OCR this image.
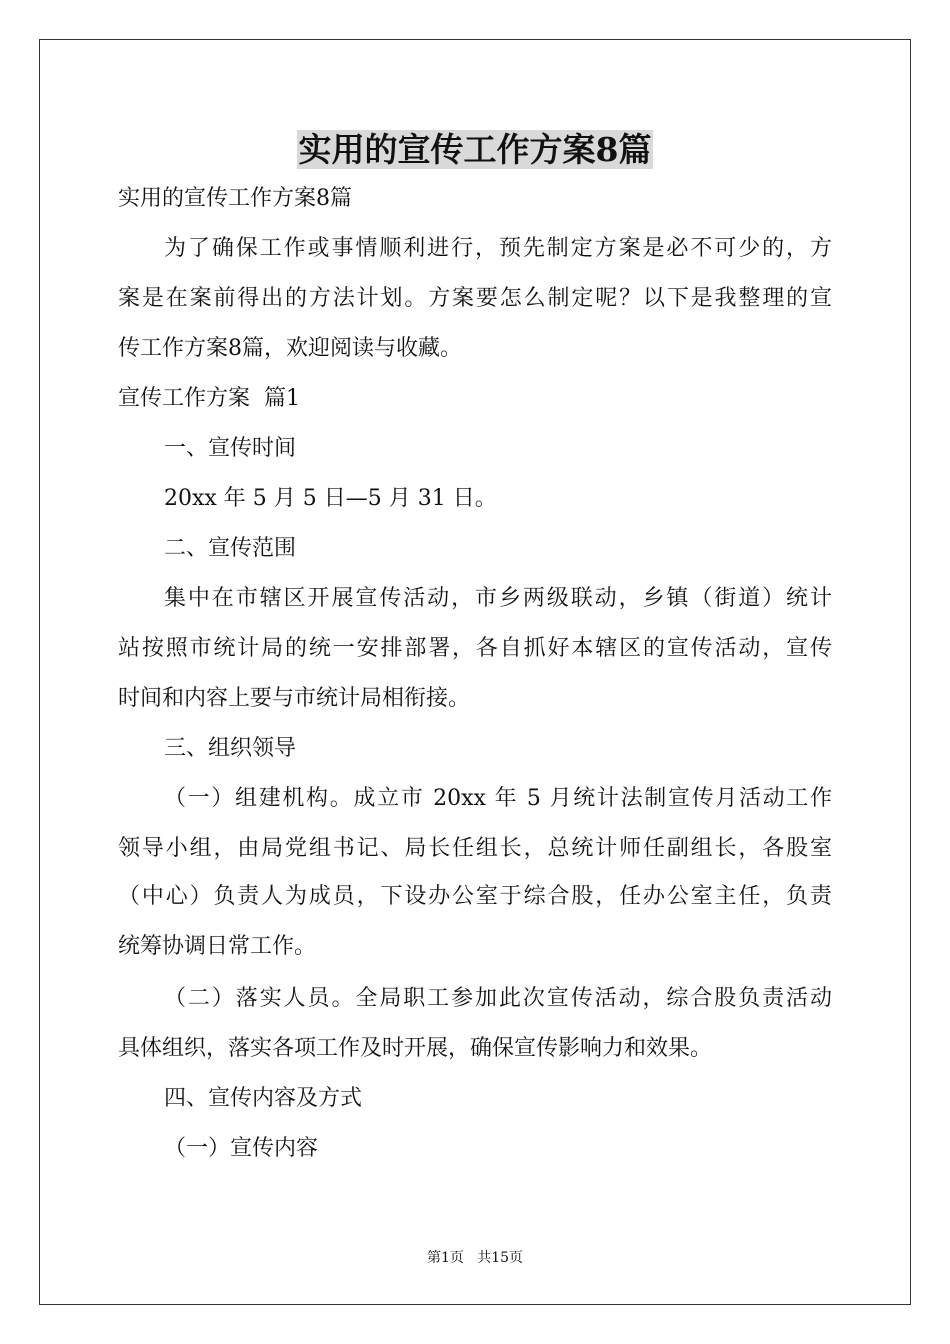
实用的宣传工作方案8篇

实用的宣传工作方案8篇

为了确保工作或事情顺利进行，预先制定方案是必不可少的，方

案是在案前得出的方法计划。方案要怎么制定呢？以下是我整理的宣

传工作方案8篇，欢迎阅读与收藏。

宣传工作方案  篇1

一、宣传时间

20xx 年 5 月 5 日—5 月 31 日。

二、宣传范围

集中在市辖区开展宣传活动，市乡两级联动，乡镇（街道）统计

站按照市统计局的统一安排部署，各自抓好本辖区的宣传活动，宣传

时间和内容上要与市统计局相衔接。

三、组织领导

（一）组建机构。成立市 20xx 年 5 月统计法制宣传月活动工作

领导小组，由局党组书记、局长任组长，总统计师任副组长，各股室

（中心）负责人为成员，下设办公室于综合股，任办公室主任，负责

统筹协调日常工作。

（二）落实人员。全局职工参加此次宣传活动，综合股负责活动

具体组织，落实各项工作及时开展，确保宣传影响力和效果。

四、宣传内容及方式

（一）宣传内容

第1页   共15页
